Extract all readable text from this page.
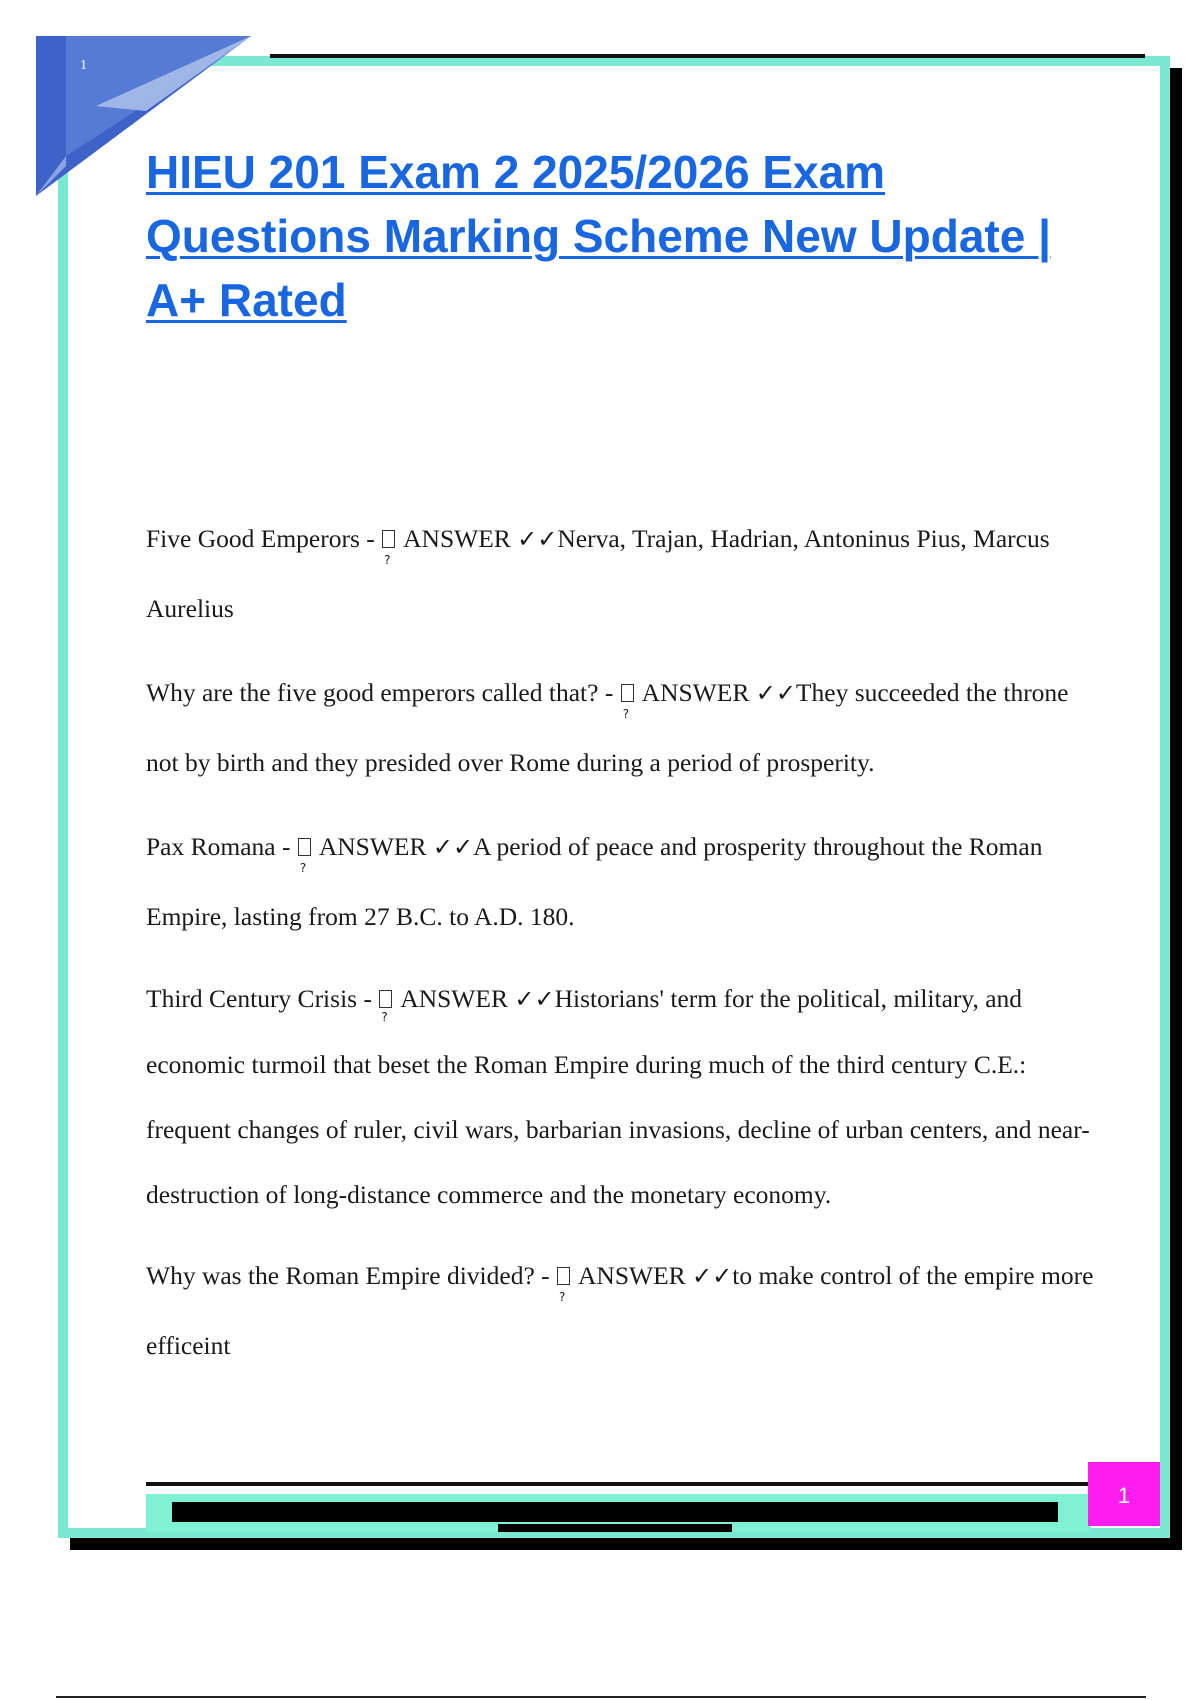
1
HIEU 201 Exam 2 2025/2026 Exam Questions Marking Scheme New Update | A+ Rated

Five Good Emperors - ? ANSWER ✓✓Nerva, Trajan, Hadrian, Antoninus Pius, Marcus Aurelius

Why are the five good emperors called that? - ? ANSWER ✓✓They succeeded the throne not by birth and they presided over Rome during a period of prosperity.

Pax Romana - ? ANSWER ✓✓A period of peace and prosperity throughout the Roman Empire, lasting from 27 B.C. to A.D. 180.

Third Century Crisis - ? ANSWER ✓✓Historians' term for the political, military, and economic turmoil that beset the Roman Empire during much of the third century C.E.: frequent changes of ruler, civil wars, barbarian invasions, decline of urban centers, and near-destruction of long-distance commerce and the monetary economy.

Why was the Roman Empire divided? - ? ANSWER ✓✓to make control of the empire more efficeint

1
